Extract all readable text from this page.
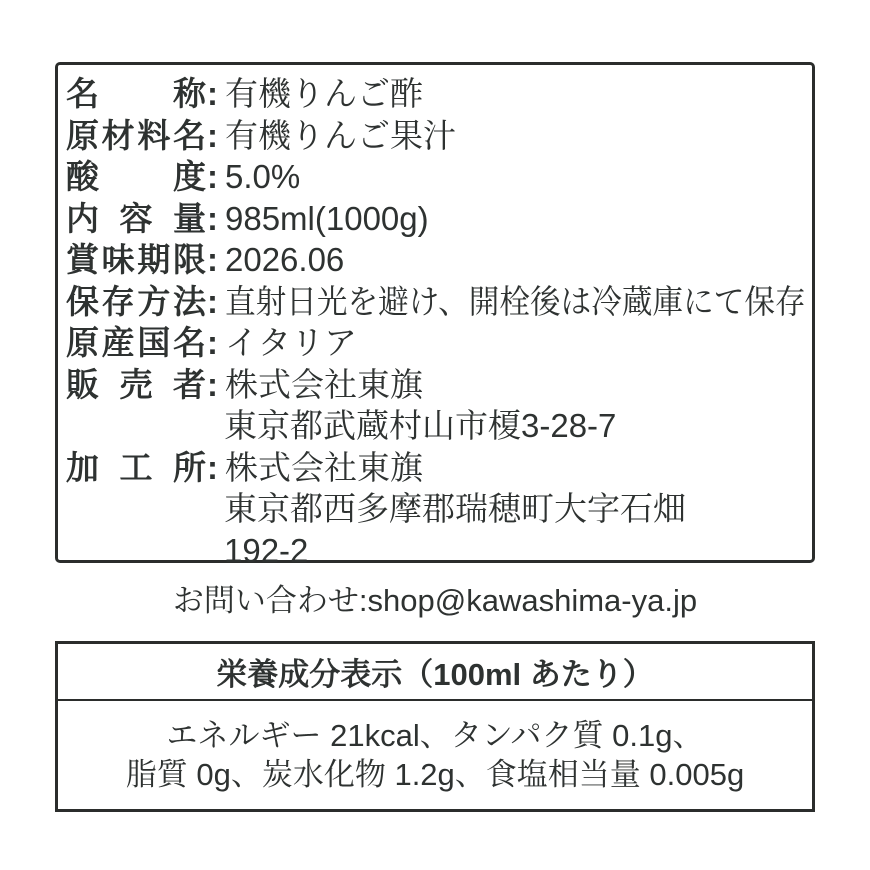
名称: 有機りんご酢
原材料名: 有機りんご果汁
酸度: 5.0%
内容量: 985ml(1000g)
賞味期限: 2026.06
保存方法: 直射日光を避け、開栓後は冷蔵庫にて保存
原産国名: イタリア
販売者: 株式会社東旗
東京都武蔵村山市榎3-28-7
加工所: 株式会社東旗
東京都西多摩郡瑞穂町大字石畑
192-2
お問い合わせ:shop@kawashima-ya.jp
栄養成分表示（100ml あたり）
エネルギー 21kcal、タンパク質 0.1g、
脂質 0g、炭水化物 1.2g、食塩相当量 0.005g
